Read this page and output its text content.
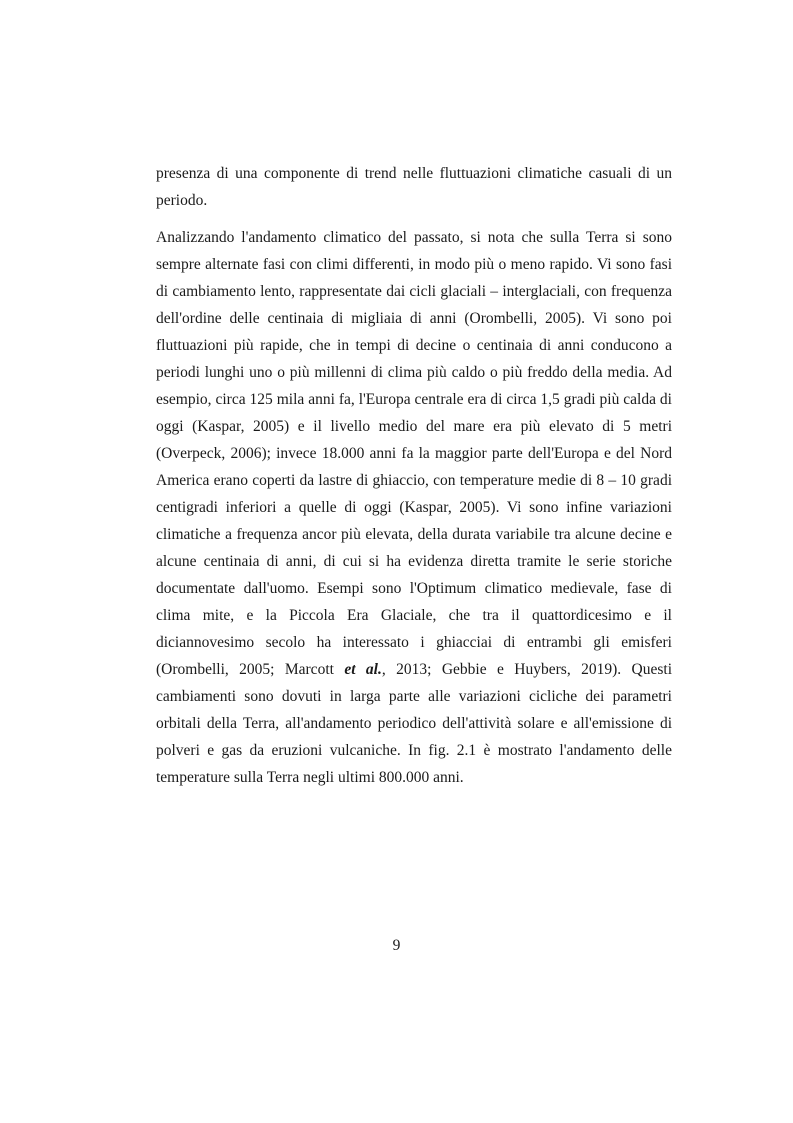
presenza di una componente di trend nelle fluttuazioni climatiche casuali di un periodo.

Analizzando l'andamento climatico del passato, si nota che sulla Terra si sono sempre alternate fasi con climi differenti, in modo più o meno rapido. Vi sono fasi di cambiamento lento, rappresentate dai cicli glaciali – interglaciali, con frequenza dell'ordine delle centinaia di migliaia di anni (Orombelli, 2005). Vi sono poi fluttuazioni più rapide, che in tempi di decine o centinaia di anni conducono a periodi lunghi uno o più millenni di clima più caldo o più freddo della media. Ad esempio, circa 125 mila anni fa, l'Europa centrale era di circa 1,5 gradi più calda di oggi (Kaspar, 2005) e il livello medio del mare era più elevato di 5 metri (Overpeck, 2006); invece 18.000 anni fa la maggior parte dell'Europa e del Nord America erano coperti da lastre di ghiaccio, con temperature medie di 8 – 10 gradi centigradi inferiori a quelle di oggi (Kaspar, 2005). Vi sono infine variazioni climatiche a frequenza ancor più elevata, della durata variabile tra alcune decine e alcune centinaia di anni, di cui si ha evidenza diretta tramite le serie storiche documentate dall'uomo. Esempi sono l'Optimum climatico medievale, fase di clima mite, e la Piccola Era Glaciale, che tra il quattordicesimo e il diciannovesimo secolo ha interessato i ghiacciai di entrambi gli emisferi (Orombelli, 2005; Marcott et al., 2013; Gebbie e Huybers, 2019). Questi cambiamenti sono dovuti in larga parte alle variazioni cicliche dei parametri orbitali della Terra, all'andamento periodico dell'attività solare e all'emissione di polveri e gas da eruzioni vulcaniche. In fig. 2.1 è mostrato l'andamento delle temperature sulla Terra negli ultimi 800.000 anni.

9
